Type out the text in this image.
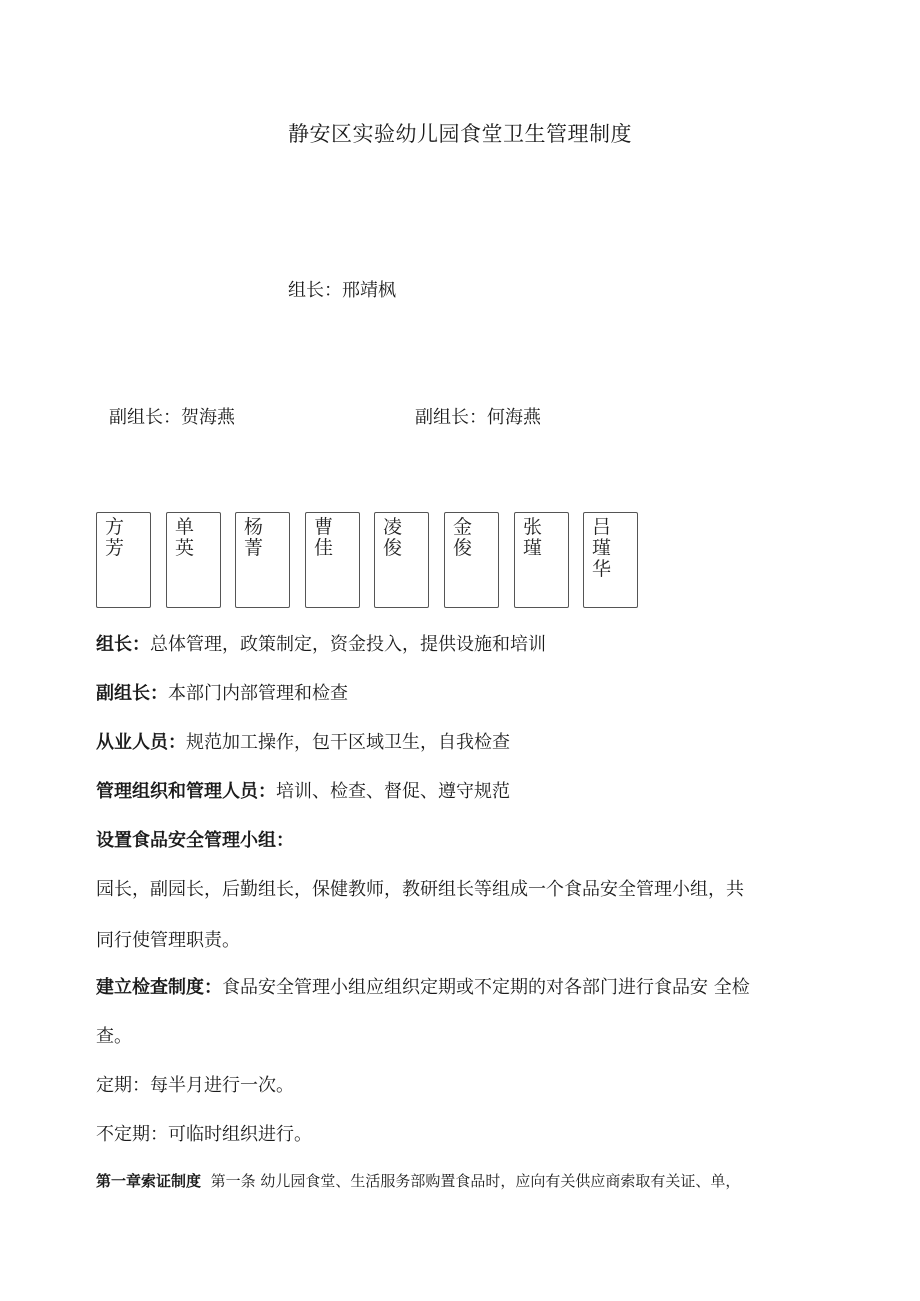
静安区实验幼儿园食堂卫生管理制度
组长：邢靖枫
副组长：贺海燕	副组长：何海燕
方芳
单英
杨菁
曹佳
凌俊
金俊
张瑾
吕瑾华
组长：总体管理，政策制定，资金投入，提供设施和培训
副组长：本部门内部管理和检查
从业人员：规范加工操作，包干区域卫生，自我检查
管理组织和管理人员：培训、检查、督促、遵守规范
设置食品安全管理小组：
园长，副园长，后勤组长，保健教师，教研组长等组成一个食品安全管理小组，共
同行使管理职责。
建立检查制度：食品安全管理小组应组织定期或不定期的对各部门进行食品安 全检
查。
定期：每半月进行一次。
不定期：可临时组织进行。
第一章索证制度 第一条 幼儿园食堂、生活服务部购置食品时，应向有关供应商索取有关证、单，
